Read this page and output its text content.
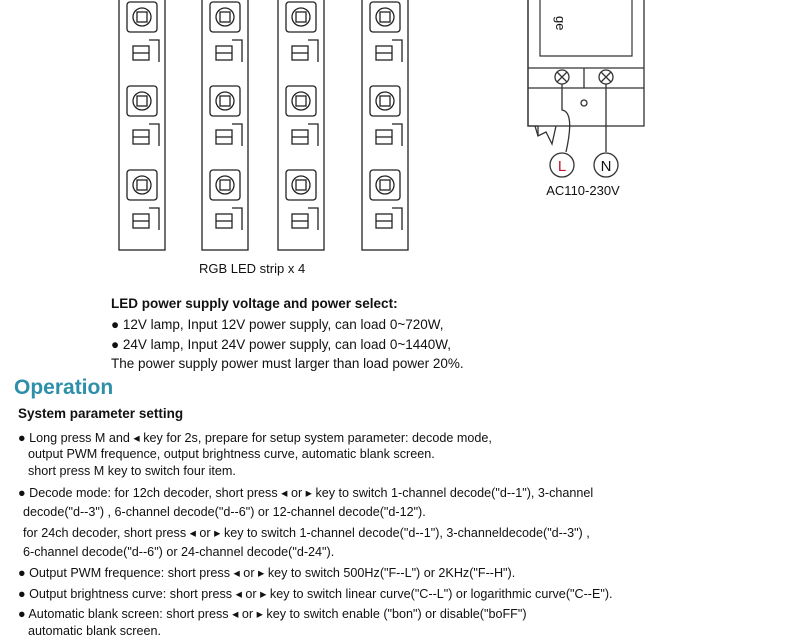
ge
L N
AC110-230V
RGB LED strip x 4
LED power supply voltage and power select:
● 12V lamp, Input 12V power supply, can load 0~720W,
● 24V lamp, Input 24V power supply, can load 0~1440W,
The power supply power must larger than load power 20%.
Operation
System parameter setting
● Long press M and ◂ key for 2s, prepare for setup system parameter: decode mode,
output PWM frequence, output brightness curve, automatic blank screen.
short press M key to switch four item.
● Decode mode: for 12ch decoder, short press ◂ or ▸ key to switch 1-channel decode("d--1"), 3-channel
decode("d--3") , 6-channel decode("d--6") or 12-channel decode("d-12").
for 24ch decoder, short press ◂ or ▸ key to switch 1-channel decode("d--1"), 3-channeldecode("d--3") ,
6-channel decode("d--6") or 24-channel decode("d-24").
● Output PWM frequence: short press ◂ or ▸ key to switch 500Hz("F--L") or 2KHz("F--H").
● Output brightness curve: short press ◂ or ▸ key to switch linear curve("C--L") or logarithmic curve("C--E").
● Automatic blank screen: short press ◂ or ▸ key to switch enable ("bon") or disable("boFF")
automatic blank screen.
